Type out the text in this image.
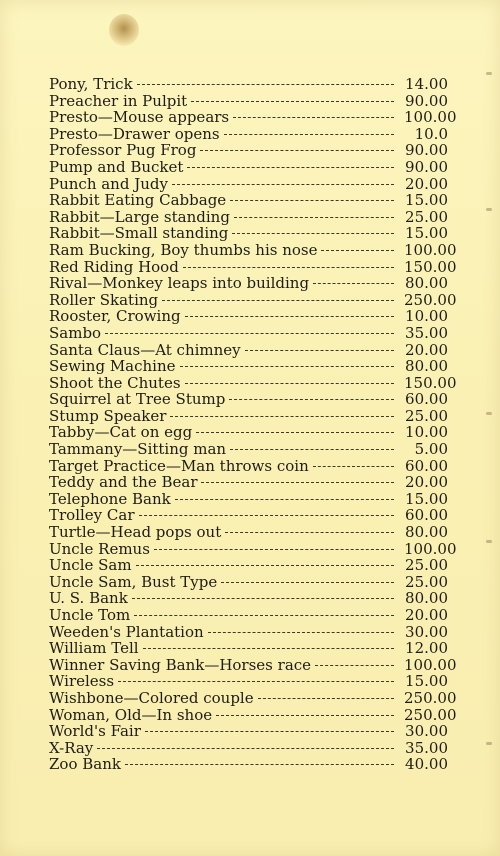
Pony, Trick	14.00
Preacher in Pulpit	90.00
Presto—Mouse appears	100.00
Presto—Drawer opens	10.0
Professor Pug Frog	90.00
Pump and Bucket	90.00
Punch and Judy	20.00
Rabbit Eating Cabbage	15.00
Rabbit—Large standing	25.00
Rabbit—Small standing	15.00
Ram Bucking, Boy thumbs his nose	100.00
Red Riding Hood	150.00
Rival—Monkey leaps into building	80.00
Roller Skating	250.00
Rooster, Crowing	10.00
Sambo	35.00
Santa Claus—At chimney	20.00
Sewing Machine	80.00
Shoot the Chutes	150.00
Squirrel at Tree Stump	60.00
Stump Speaker	25.00
Tabby—Cat on egg	10.00
Tammany—Sitting man	5.00
Target Practice—Man throws coin	60.00
Teddy and the Bear	20.00
Telephone Bank	15.00
Trolley Car	60.00
Turtle—Head pops out	80.00
Uncle Remus	100.00
Uncle Sam	25.00
Uncle Sam, Bust Type	25.00
U. S. Bank	80.00
Uncle Tom	20.00
Weeden's Plantation	30.00
William Tell	12.00
Winner Saving Bank—Horses race	100.00
Wireless	15.00
Wishbone—Colored couple	250.00
Woman, Old—In shoe	250.00
World's Fair	30.00
X-Ray	35.00
Zoo Bank	40.00
